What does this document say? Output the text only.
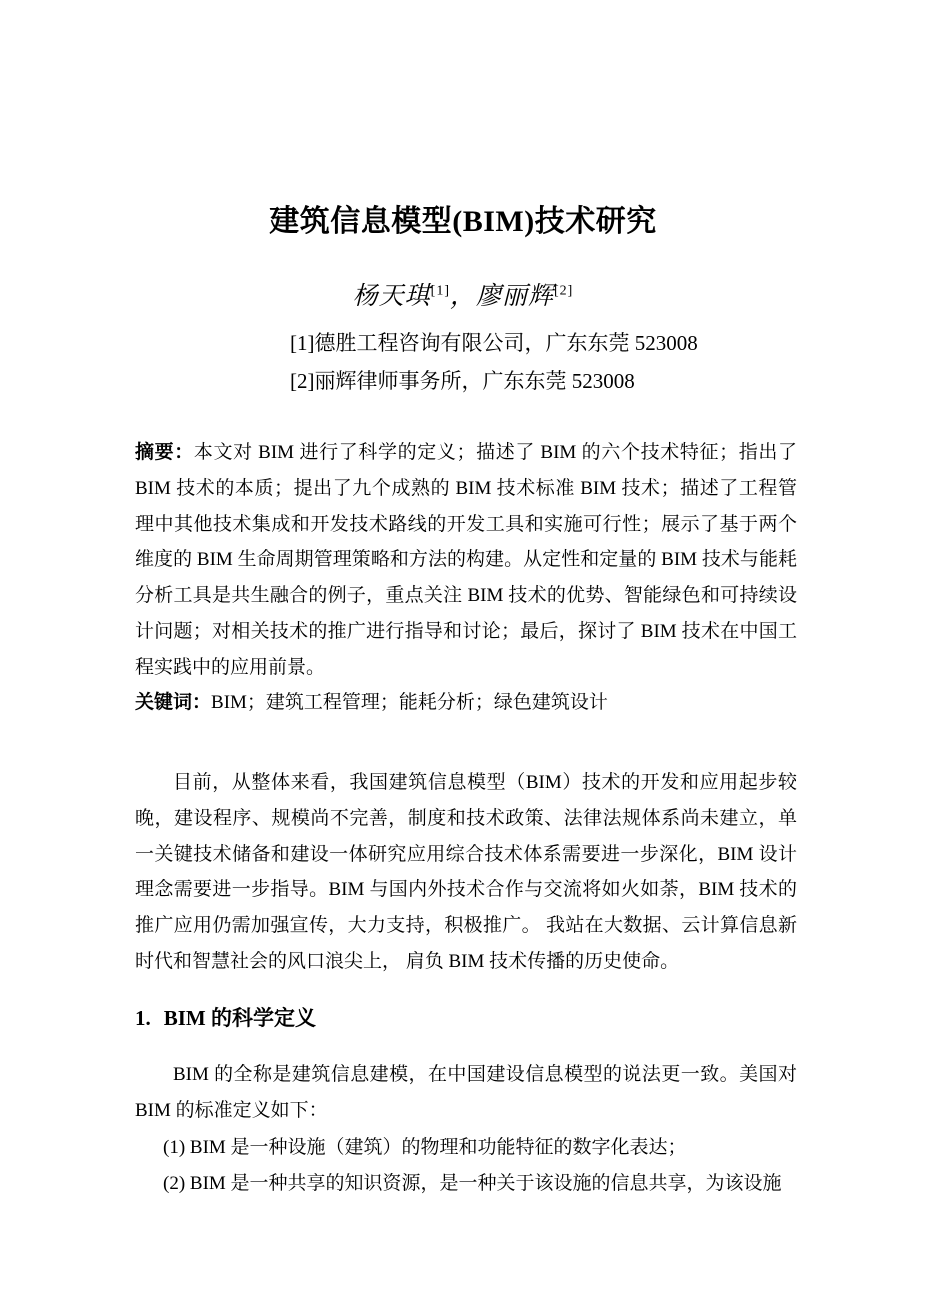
建筑信息模型(BIM)技术研究
杨天琪[1]，廖丽辉[2]
[1]德胜工程咨询有限公司，广东东莞 523008
[2]丽辉律师事务所，广东东莞 523008

摘要：本文对 BIM 进行了科学的定义；描述了 BIM 的六个技术特征；指出了 BIM 技术的本质；提出了九个成熟的 BIM 技术标准 BIM 技术；描述了工程管理中其他技术集成和开发技术路线的开发工具和实施可行性；展示了基于两个维度的 BIM 生命周期管理策略和方法的构建。从定性和定量的 BIM 技术与能耗分析工具是共生融合的例子，重点关注 BIM 技术的优势、智能绿色和可持续设计问题；对相关技术的推广进行指导和讨论；最后，探讨了 BIM 技术在中国工程实践中的应用前景。

关键词：BIM；建筑工程管理；能耗分析；绿色建筑设计

目前，从整体来看，我国建筑信息模型（BIM）技术的开发和应用起步较晚，建设程序、规模尚不完善，制度和技术政策、法律法规体系尚未建立，单一关键技术储备和建设一体研究应用综合技术体系需要进一步深化，BIM 设计理念需要进一步指导。BIM 与国内外技术合作与交流将如火如荼，BIM 技术的推广应用仍需加强宣传，大力支持，积极推广。 我站在大数据、云计算信息新时代和智慧社会的风口浪尖上， 肩负 BIM 技术传播的历史使命。

1. BIM 的科学定义

BIM 的全称是建筑信息建模，在中国建设信息模型的说法更一致。美国对 BIM 的标准定义如下：

(1) BIM 是一种设施（建筑）的物理和功能特征的数字化表达；

(2) BIM 是一种共享的知识资源，是一种关于该设施的信息共享，为该设施
